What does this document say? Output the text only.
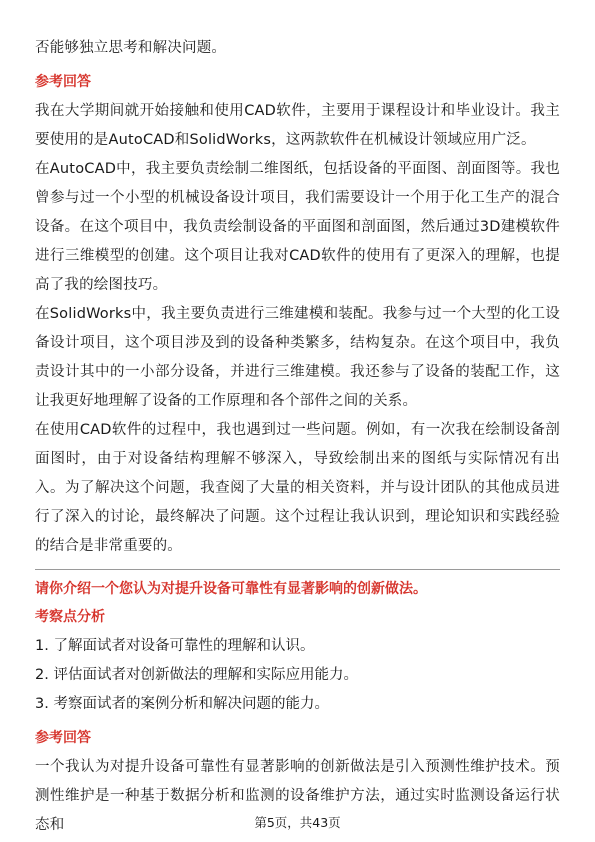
否能够独立思考和解决问题。

参考回答

我在大学期间就开始接触和使用CAD软件，主要用于课程设计和毕业设计。我主要使用的是AutoCAD和SolidWorks，这两款软件在机械设计领域应用广泛。

在AutoCAD中，我主要负责绘制二维图纸，包括设备的平面图、剖面图等。我也曾参与过一个小型的机械设备设计项目，我们需要设计一个用于化工生产的混合设备。在这个项目中，我负责绘制设备的平面图和剖面图，然后通过3D建模软件进行三维模型的创建。这个项目让我对CAD软件的使用有了更深入的理解，也提高了我的绘图技巧。

在SolidWorks中，我主要负责进行三维建模和装配。我参与过一个大型的化工设备设计项目，这个项目涉及到的设备种类繁多，结构复杂。在这个项目中，我负责设计其中的一小部分设备，并进行三维建模。我还参与了设备的装配工作，这让我更好地理解了设备的工作原理和各个部件之间的关系。

在使用CAD软件的过程中，我也遇到过一些问题。例如，有一次我在绘制设备剖面图时，由于对设备结构理解不够深入，导致绘制出来的图纸与实际情况有出入。为了解决这个问题，我查阅了大量的相关资料，并与设计团队的其他成员进行了深入的讨论，最终解决了问题。这个过程让我认识到，理论知识和实践经验的结合是非常重要的。

请你介绍一个您认为对提升设备可靠性有显著影响的创新做法。
考察点分析

1. 了解面试者对设备可靠性的理解和认识。

2. 评估面试者对创新做法的理解和实际应用能力。

3. 考察面试者的案例分析和解决问题的能力。

参考回答

一个我认为对提升设备可靠性有显著影响的创新做法是引入预测性维护技术。预测性维护是一种基于数据分析和监测的设备维护方法，通过实时监测设备运行状态和	第5页，共43页
